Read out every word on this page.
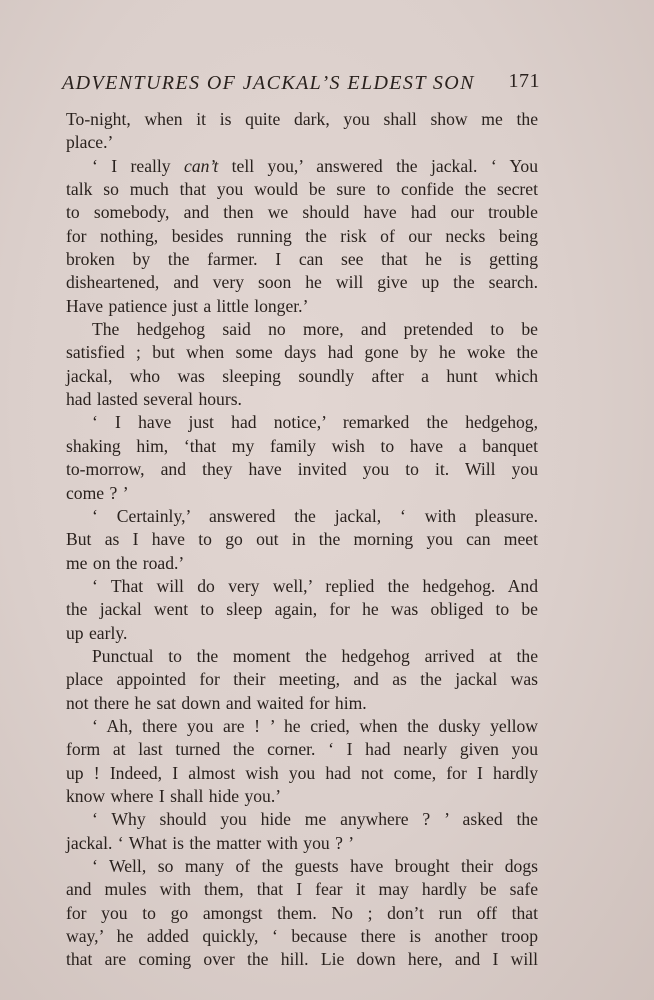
ADVENTURES OF JACKAL’S ELDEST SON 171
To-night, when it is quite dark, you shall show me the
place.’
‘ I really can’t tell you,’ answered the jackal. ‘ You
talk so much that you would be sure to confide the secret
to somebody, and then we should have had our trouble
for nothing, besides running the risk of our necks being
broken by the farmer. I can see that he is getting
disheartened, and very soon he will give up the search.
Have patience just a little longer.’
The hedgehog said no more, and pretended to be
satisfied ; but when some days had gone by he woke the
jackal, who was sleeping soundly after a hunt which
had lasted several hours.
‘ I have just had notice,’ remarked the hedgehog,
shaking him, ‘that my family wish to have a banquet
to-morrow, and they have invited you to it. Will you
come ? ’
‘ Certainly,’ answered the jackal, ‘ with pleasure.
But as I have to go out in the morning you can meet
me on the road.’
‘ That will do very well,’ replied the hedgehog. And
the jackal went to sleep again, for he was obliged to be
up early.
Punctual to the moment the hedgehog arrived at the
place appointed for their meeting, and as the jackal was
not there he sat down and waited for him.
‘ Ah, there you are ! ’ he cried, when the dusky yellow
form at last turned the corner. ‘ I had nearly given you
up ! Indeed, I almost wish you had not come, for I hardly
know where I shall hide you.’
‘ Why should you hide me anywhere ? ’ asked the
jackal. ‘ What is the matter with you ? ’
‘ Well, so many of the guests have brought their dogs
and mules with them, that I fear it may hardly be safe
for you to go amongst them. No ; don’t run off that
way,’ he added quickly, ‘ because there is another troop
that are coming over the hill. Lie down here, and I will
